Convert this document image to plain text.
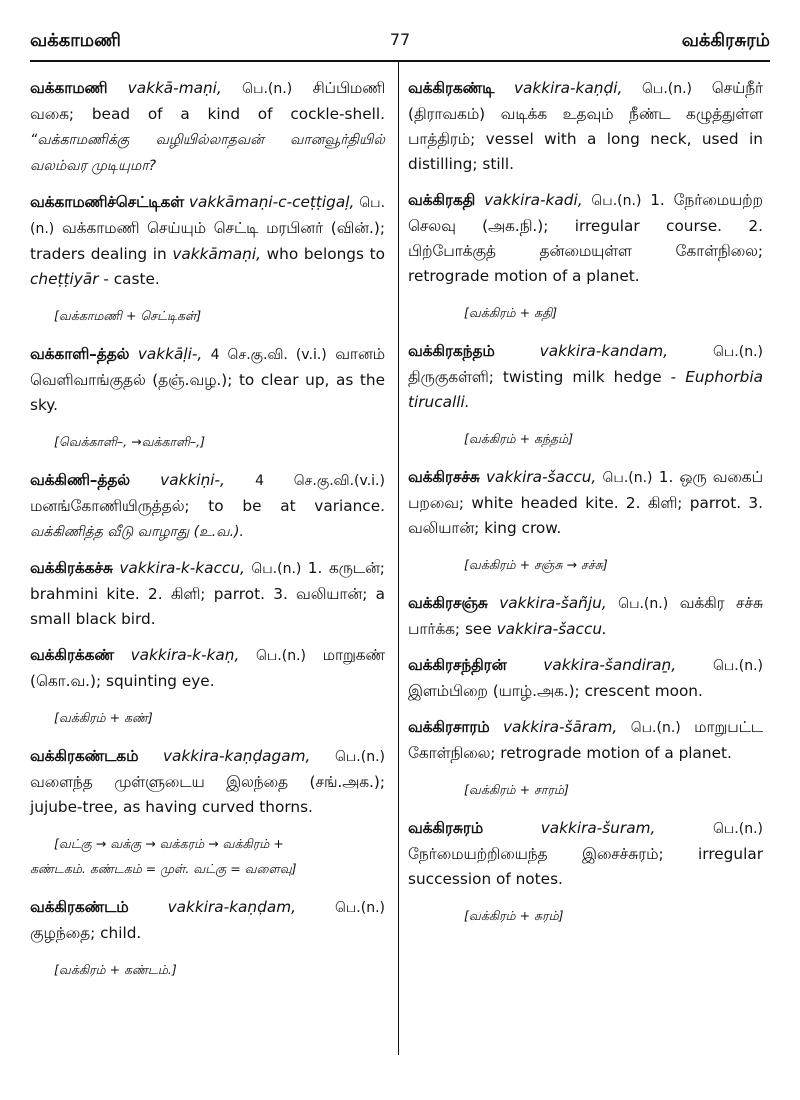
வக்காமணி	77	வக்கிரசுரம்
வக்காமணி vakkā-maṇi, பெ.(n.) சிப்பிமணி வகை; bead of a kind of cockle-shell. “வக்காமணிக்கு வழியில்லாதவன் வானவூர்தியில் வலம்வர முடியுமா?
வக்காமணிச்செட்டிகள் vakkāmaṇi-c-ceṭṭigaḷ, பெ.(n.) வக்காமணி செய்யும் செட்டி மரபினர் (வின்.); traders dealing in vakkāmaṇi, who belongs to cheṭṭiyār - caste.
[வக்காமணி + செட்டிகள்]
வக்காளி–த்தல் vakkāḷi-, 4 செ.கு.வி. (v.i.) வானம் வெளிவாங்குதல் (தஞ்.வழ.); to clear up, as the sky.
[வெக்காளி–, →வக்காளி–,]
வக்கிணி–த்தல் vakkiṇi-, 4 செ.கு.வி.(v.i.) மனங்கோணியிருத்தல்; to be at variance. வக்கிணித்த வீடு வாழாது (உ.வ.).
வக்கிரக்கச்சு vakkira-k-kaccu, பெ.(n.) 1. கருடன்; brahmini kite. 2. கிளி; parrot. 3. வலியான்; a small black bird.
வக்கிரக்கண் vakkira-k-kaṇ, பெ.(n.) மாறுகண் (கொ.வ.); squinting eye.
[வக்கிரம் + கண்]
வக்கிரகண்டகம் vakkira-kaṇḍagam, பெ.(n.) வளைந்த முள்ளுடைய இலந்தை (சங்.அக.); jujube-tree, as having curved thorns.
[வட்கு → வக்கு → வக்கரம் → வக்கிரம் +
கண்டகம். கண்டகம் = முள். வட்கு = வளைவு]
வக்கிரகண்டம்	vakkira-kaṇḍam,	பெ.(n.) குழந்தை; child.
[வக்கிரம் + கண்டம்.]
வக்கிரகண்டி vakkira-kaṇḍi, பெ.(n.) செய்நீர் (திராவகம்) வடிக்க உதவும் நீண்ட கழுத்துள்ள பாத்திரம்; vessel with a long neck, used in distilling; still.
வக்கிரகதி vakkira-kadi, பெ.(n.) 1. நேர்மையற்ற செலவு (அக.நி.); irregular course. 2. பிற்போக்குத் தன்மையுள்ள கோள்நிலை; retrograde motion of a planet.
[வக்கிரம் + கதி]
வக்கிரகந்தம்	vakkira-kandam,	பெ.(n.) திருகுகள்ளி; twisting milk hedge - Euphorbia tirucalli.
[வக்கிரம் + கந்தம்]
வக்கிரசச்சு vakkira-šaccu, பெ.(n.) 1. ஒரு வகைப் பறவை; white headed kite. 2. கிளி; parrot. 3. வலியான்; king crow.
[வக்கிரம் + சஞ்சு → சச்சு]
வக்கிரசஞ்சு vakkira-šañju, பெ.(n.) வக்கிர சச்சு பார்க்க; see vakkira-šaccu.
வக்கிரசந்திரன் vakkira-šandiraṉ,	பெ.(n.) இளம்பிறை (யாழ்.அக.); crescent moon.
வக்கிரசாரம் vakkira-šāram, பெ.(n.) மாறுபட்ட கோள்நிலை; retrograde motion of a planet.
[வக்கிரம் + சாரம்]
வக்கிரசுரம்	vakkira-šuram,	பெ.(n.) நேர்மையற்றியைந்த இசைச்சுரம்; irregular succession of notes.
[வக்கிரம் + சுரம்]
